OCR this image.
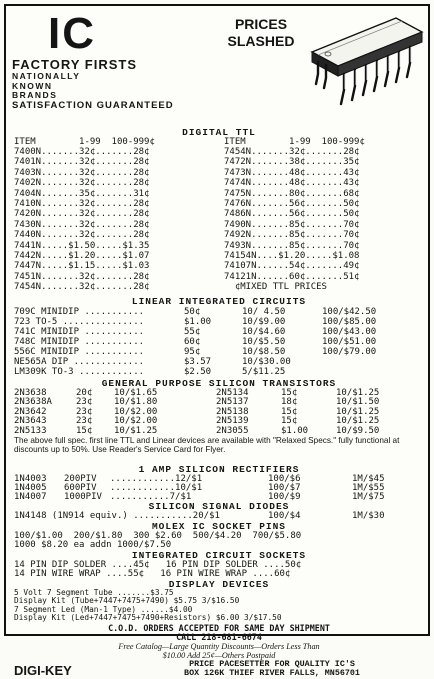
IC	PRICES
SLASHED
FACTORY FIRSTS
NATIONALLY
KNOWN
BRANDS
SATISFACTION GUARANTEED
DIGITAL TTL
ITEM        1-99  100-999¢	ITEM        1-99  100-999¢
LINEAR INTEGRATED CIRCUITS
GENERAL PURPOSE SILICON TRANSISTORS
The above full spec. first line TTL and Linear devices are available with "Relaxed Specs." fully functional at discounts up to 50%. Use Reader's Service Card for Flyer.
1 AMP SILICON RECTIFIERS
SILICON SIGNAL DIODES
MOLEX IC SOCKET PINS
100/$1.00  200/$1.80  300 $2.60  500/$4.20  700/$5.80
1000 $8.20 ea addn 1000/$7.50
INTEGRATED CIRCUIT SOCKETS
14 PIN DIP SOLDER ....45¢   16 PIN DIP SOLDER ....50¢
14 PIN WIRE WRAP ....55¢   16 PIN WIRE WRAP ....60¢
DIGI-KEY	PRICE PACESETTER FOR QUALITY IC'S
BOX 126K THIEF RIVER FALLS, MN56701
7400N.......32¢.......28¢
7401N.......32¢.......28¢
7403N.......32¢.......28¢
7402N.......32¢.......28¢
7404N.......35¢.......31¢
7410N.......32¢.......28¢
7420N.......32¢.......28¢
7430N.......32¢.......28¢
7440N.......32¢.......28¢
7441N.....$1.50.....$1.35
7442N.....$1.20.....$1.07
7447N.....$1.15.....$1.03
7451N.......32¢.......28¢
7454N.......32¢.......28¢
7454N.......32¢.......28¢
7472N.......38¢.......35¢
7473N.......48¢.......43¢
7474N.......48¢.......43¢
7475N.......80¢.......68¢
7476N.......56¢.......50¢
7486N.......56¢.......50¢
7490N.......85¢.......70¢
7492N.......85¢.......70¢
7493N.......85¢.......70¢
74154N....$1.20.....$1.08
74107N......54¢.......49¢
74121N......60¢.......51¢
¢MIXED TTL PRICES
709C MINIDIP ...........	50¢	10/ 4.50	100/$42.50
723 TO-5 ...............	$1.00	10/$9.00	100/$85.00
741C MINIDIP ...........	55¢	10/$4.60	100/$43.00
748C MINIDIP ...........	60¢	10/$5.50	100/$51.00
556C MINIDIP ...........	95¢	10/$8.50	100/$79.00
NE565A DIP .............	$3.57	10/$30.00
LM309K TO-3 ............	$2.50	5/$11.25
2N3638	20¢ 10/$1.65	2N5134	15¢	10/$1.25
2N3638A	23¢ 10/$1.80	2N5137	18¢	10/$1.50
2N3642	23¢ 10/$2.00	2N5138	15¢	10/$1.25
2N3643	23¢ 10/$2.00	2N5139	15¢	10/$1.25
2N5133	15¢ 10/$1.25	2N3055	$1.00	10/$9.50
1N4003 200PIV ............12/$1	100/$6	1M/$45
1N4005 600PIV ............10/$1	100/$7	1M/$55
1N4007 1000PIV ...........7/$1	100/$9	1M/$75
1N4148 (1N914 equiv.) ...........20/$1	100/$4	1M/$30
DISPLAY DEVICES
5 Volt 7 Segment Tube .......$3.75
Display Kit (Tube+7447+7475+7490) $5.75 3/$16.50
7 Segment Led (Man-1 Type) ......$4.00
Display Kit (Led+7447+7475+7490+Resistors) $6.00 3/$17.50
C.O.D. ORDERS ACCEPTED FOR SAME DAY SHIPMENT
CALL 218-681-6674
Free Catalog—Large Quantity Discounts—Orders Less Than
$10.00 Add 25¢—Others Postpaid
